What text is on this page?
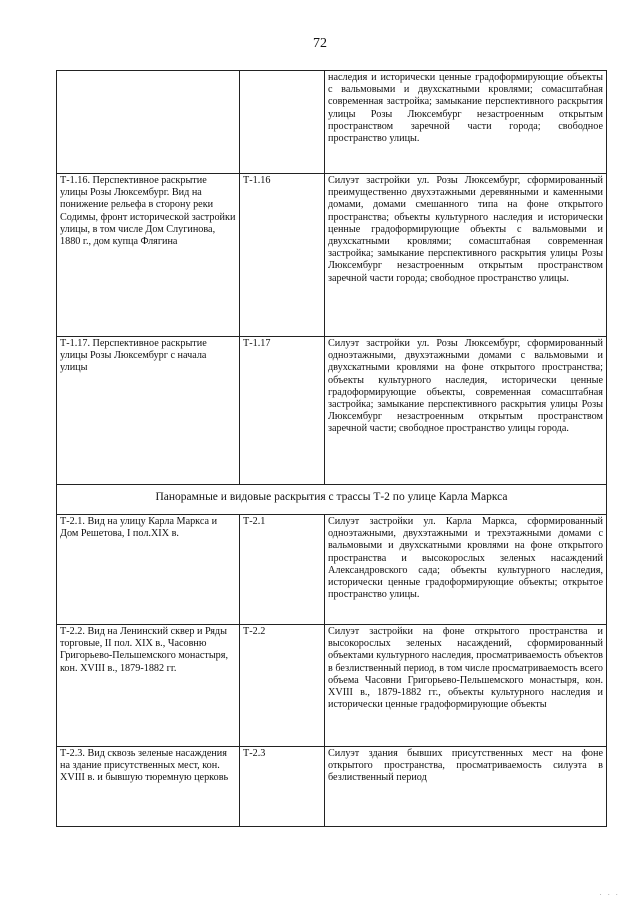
72
		наследия и исторически ценные градоформирующие объекты с вальмовыми и двухскатными кровлями; сомасштабная современная застройка; замыкание перспективного раскрытия улицы Розы Люксембург незастроенным открытым пространством заречной части города; свободное пространство улицы.
Т-1.16. Перспективное раскрытие улицы Розы Люксембург. Вид на понижение рельефа в сторону реки Содимы, фронт исторической застройки улицы, в том числе Дом Слугинова, 1880 г., дом купца Флягина	Т-1.16	Силуэт застройки ул. Розы Люксембург, сформированный преимущественно двухэтажными деревянными и каменными домами, домами смешанного типа на фоне открытого пространства; объекты культурного наследия и исторически ценные градоформирующие объекты с вальмовыми и двухскатными кровлями; сомасштабная современная застройка; замыкание перспективного раскрытия улицы Розы Люксембург незастроенным открытым пространством заречной части города; свободное пространство улицы.
Т-1.17. Перспективное раскрытие улицы Розы Люксембург с начала улицы	Т-1.17	Силуэт застройки ул. Розы Люксембург, сформированный одноэтажными, двухэтажными домами с вальмовыми и двухскатными кровлями на фоне открытого пространства; объекты культурного наследия, исторически ценные градоформирующие объекты, современная сомасштабная застройка; замыкание перспективного раскрытия улицы Розы Люксембург незастроенным открытым пространством заречной части; свободное пространство улицы города.
Панорамные и видовые раскрытия с трассы Т-2 по улице Карла Маркса		
Т-2.1. Вид на улицу Карла Маркса и Дом Решетова, I пол.XIX в.	Т-2.1	Силуэт застройки ул. Карла Маркса, сформированный одноэтажными, двухэтажными и трехэтажными домами с вальмовыми и двухскатными кровлями на фоне открытого пространства и высокорослых зеленых насаждений Александровского сада; объекты культурного наследия, исторически ценные градоформирующие объекты; открытое пространство улицы.
Т-2.2. Вид на Ленинский сквер и Ряды торговые, II пол. XIX в., Часовню Григорьево-Пельшемского монастыря, кон. XVIII в., 1879-1882 гг.	Т-2.2	Силуэт застройки на фоне открытого пространства и высокорослых зеленых насаждений, сформированный объектами культурного наследия, просматриваемость объектов в безлиственный период, в том числе просматриваемость всего объема Часовни Григорьево-Пельшемского монастыря, кон. XVIII в., 1879-1882 гг., объекты культурного наследия и исторически ценные градоформирующие объекты
Т-2.3. Вид сквозь зеленые насаждения на здание присутственных мест, кон. XVIII в. и бывшую тюремную церковь	Т-2.3	Силуэт здания бывших присутственных мест на фоне открытого пространства, просматриваемость силуэта в безлиственный период
· · ·
